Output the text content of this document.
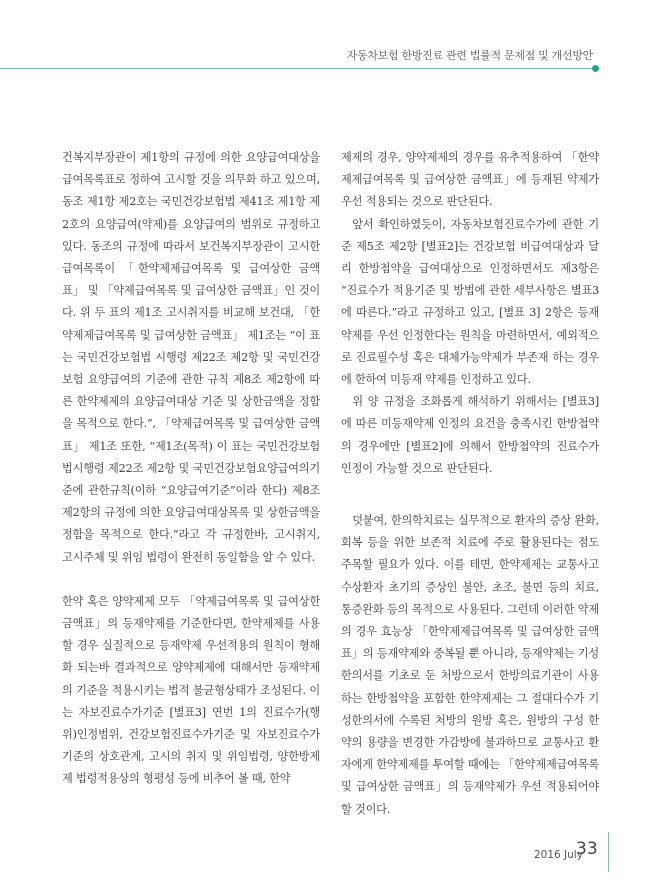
자동차보험 한방진료 관련 법률적 문제점 및 개선방안

건복지부장관이 제1항의 규정에 의한 요양급여대상을 급여목록표로 정하여 고시할 것을 의무화 하고 있으며, 동조 제1항 제2호는 국민건강보험법 제41조 제1항 제2호의 요양급여(약제)를 요양급여의 범위로 규정하고 있다. 동조의 규정에 따라서 보건복지부장관이 고시한 급여목록이 「한약제제급여목록 및 급여상한 금액표」 및 「약제급여목록 및 급여상한 금액표」인 것이다. 위 두 표의 제1조 고시취지를 비교해 보건대, 「한약제제급여목록 및 급여상한 금액표」 제1조는 “이 표는 국민건강보험법 시행령 제22조 제2항 및 국민건강보험 요양급여의 기준에 관한 규칙 제8조 제2항에 따른 한약제제의 요양급여대상 기준 및 상한금액을 정함을 목적으로 한다.”, 「약제급여목록 및 급여상한 금액표」 제1조 또한, “제1조(목적) 이 표는 국민건강보험법시행령 제22조 제2항 및 국민건강보험요양급여의기준에 관한규칙(이하 “요양급여기준”이라 한다) 제8조 제2항의 규정에 의한 요양급여대상목록 및 상한금액을 정함을 목적으로 한다.”라고 각 규정한바, 고시취지, 고시주체 및 위임 법령이 완전히 동일함을 알 수 있다.

한약 혹은 양약제제 모두 「약제급여목록 및 급여상한 금액표」의 등재약제를 기준한다면, 한약제제를 사용할 경우 실질적으로 등재약제 우선적용의 원칙이 형해화 되는바 결과적으로 양약제제에 대해서만 등재약제의 기준을 적용시키는 법적 불균형상태가 조성된다. 이는 자보진료수가기준 [별표3] 연번 1의 진료수가(행위)인정범위, 건강보험진료수가기준 및 자보진료수가기준의 상호관계, 고시의 취지 및 위임법령, 양한방제제 법령적용상의 형평성 등에 비추어 볼 때, 한약

제제의 경우, 양약제제의 경우를 유추적용하여 「한약제제급여목록 및 급여상한 금액표」에 등재된 약제가 우선 적용되는 것으로 판단된다.

앞서 확인하였듯이, 자동차보험진료수가에 관한 기준 제5조 제2항 [별표2]는 건강보험 비급여대상과 달리 한방첩약을 급여대상으로 인정하면서도 제3항은 “진료수가 적용기준 및 방법에 관한 세부사항은 별표3에 따른다.”라고 규정하고 있고, [별표 3] 2항은 등재약제를 우선 인정한다는 원칙을 마련하면서, 예외적으로 진료필수성 혹은 대체가능약제가 부존재 하는 경우에 한하여 미등재 약제를 인정하고 있다.

위 양 규정을 조화롭게 해석하기 위해서는 [별표3]에 따른 미등재약제 인정의 요건을 충족시킨 한방첩약의 경우에만 [별표2]에 의해서 한방첩약의 진료수가 인정이 가능할 것으로 판단된다.

덧붙여, 한의학치료는 실무적으로 환자의 증상 완화, 회복 등을 위한 보존적 치료에 주로 활용된다는 점도 주목할 필요가 있다. 이를 테면, 한약제제는 교통사고 수상환자 초기의 증상인 불안, 초조, 불면 등의 치료, 통증완화 등의 목적으로 사용된다. 그런데 이러한 약제의 경우 효능상 「한약제제급여목록 및 급여상한 금액표」의 등재약제와 중복될 뿐 아니라, 등재약제는 기성한의서를 기초로 둔 처방으로서 한방의료기관이 사용하는 한방첩약을 포함한 한약제제는 그 절대다수가 기성한의서에 수록된 처방의 원방 혹은, 원방의 구성 한약의 용량을 변경한 가감방에 불과하므로 교통사고 환자에게 한약제제를 투여할 때에는 「한약제제급여목록 및 급여상한 금액표」의 등재약제가 우선 적용되어야 할 것이다.

2016 July
33
